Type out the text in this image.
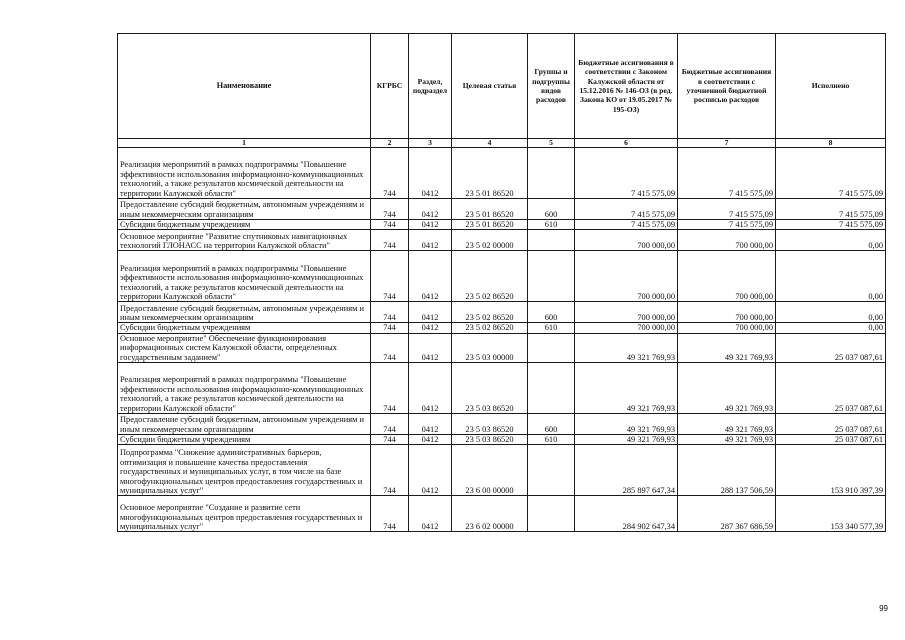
Наименование	КГРБС	Раздел, подраздел	Целевая статья	Группы и подгруппы видов расходов	Бюджетные ассигнования в соответствии с Законом Калужской области от 15.12.2016 № 146-ОЗ (в ред. Закона КО от 19.05.2017 № 195-ОЗ)	Бюджетные ассигнования в соответствии с уточненной бюджетной росписью расходов	Исполнено
1	2	3	4	5	6	7	8
Реализация мероприятий в рамках подпрограммы "Повышение эффективности использования информационно-коммуникационных технологий, а также результатов космической деятельности на территории Калужской области"	744	0412	23 5 01 86520		7 415 575,09	7 415 575,09	7 415 575,09
Предоставление субсидий бюджетным, автономным учреждениям и иным некоммерческим организациям	744	0412	23 5 01 86520	600	7 415 575,09	7 415 575,09	7 415 575,09
Субсидии бюджетным учреждениям	744	0412	23 5 01 86520	610	7 415 575,09	7 415 575,09	7 415 575,09
Основное мероприятие "Развитие спутниковых навигационных технологий ГЛОНАСС на территории Калужской области"	744	0412	23 5 02 00000		700 000,00	700 000,00	0,00
Реализация мероприятий в рамках подпрограммы "Повышение эффективности использования информационно-коммуникационных технологий, а также результатов космической деятельности на территории Калужской области"	744	0412	23 5 02 86520		700 000,00	700 000,00	0,00
Предоставление субсидий бюджетным, автономным учреждениям и иным некоммерческим организациям	744	0412	23 5 02 86520	600	700 000,00	700 000,00	0,00
Субсидии бюджетным учреждениям	744	0412	23 5 02 86520	610	700 000,00	700 000,00	0,00
Основное мероприятие" Обеспечение функционирования информационных систем Калужской области, определенных государственным заданием"	744	0412	23 5 03 00000		49 321 769,93	49 321 769,93	25 037 087,61
Реализация мероприятий в рамках подпрограммы "Повышение эффективности использования информационно-коммуникационных технологий, а также результатов космической деятельности на территории Калужской области"	744	0412	23 5 03 86520		49 321 769,93	49 321 769,93	25 037 087,61
Предоставление субсидий бюджетным, автономным учреждениям и иным некоммерческим организациям	744	0412	23 5 03 86520	600	49 321 769,93	49 321 769,93	25 037 087,61
Субсидии бюджетным учреждениям	744	0412	23 5 03 86520	610	49 321 769,93	49 321 769,93	25 037 087,61
Подпрограмма "Снижение административных барьеров, оптимизация и повышение качества предоставления государственных и муниципальных услуг, в том числе на базе многофункциональных центров предоставления государственных и муниципальных услуг"	744	0412	23 6 00 00000		285 897 647,34	288 137 506,59	153 910 397,39
Основное мероприятие "Создание и развитие сети многофункциональных центров предоставления государственных и муниципальных услуг"	744	0412	23 6 02 00000		284 902 647,34	287 367 686,59	153 340 577,39
99
